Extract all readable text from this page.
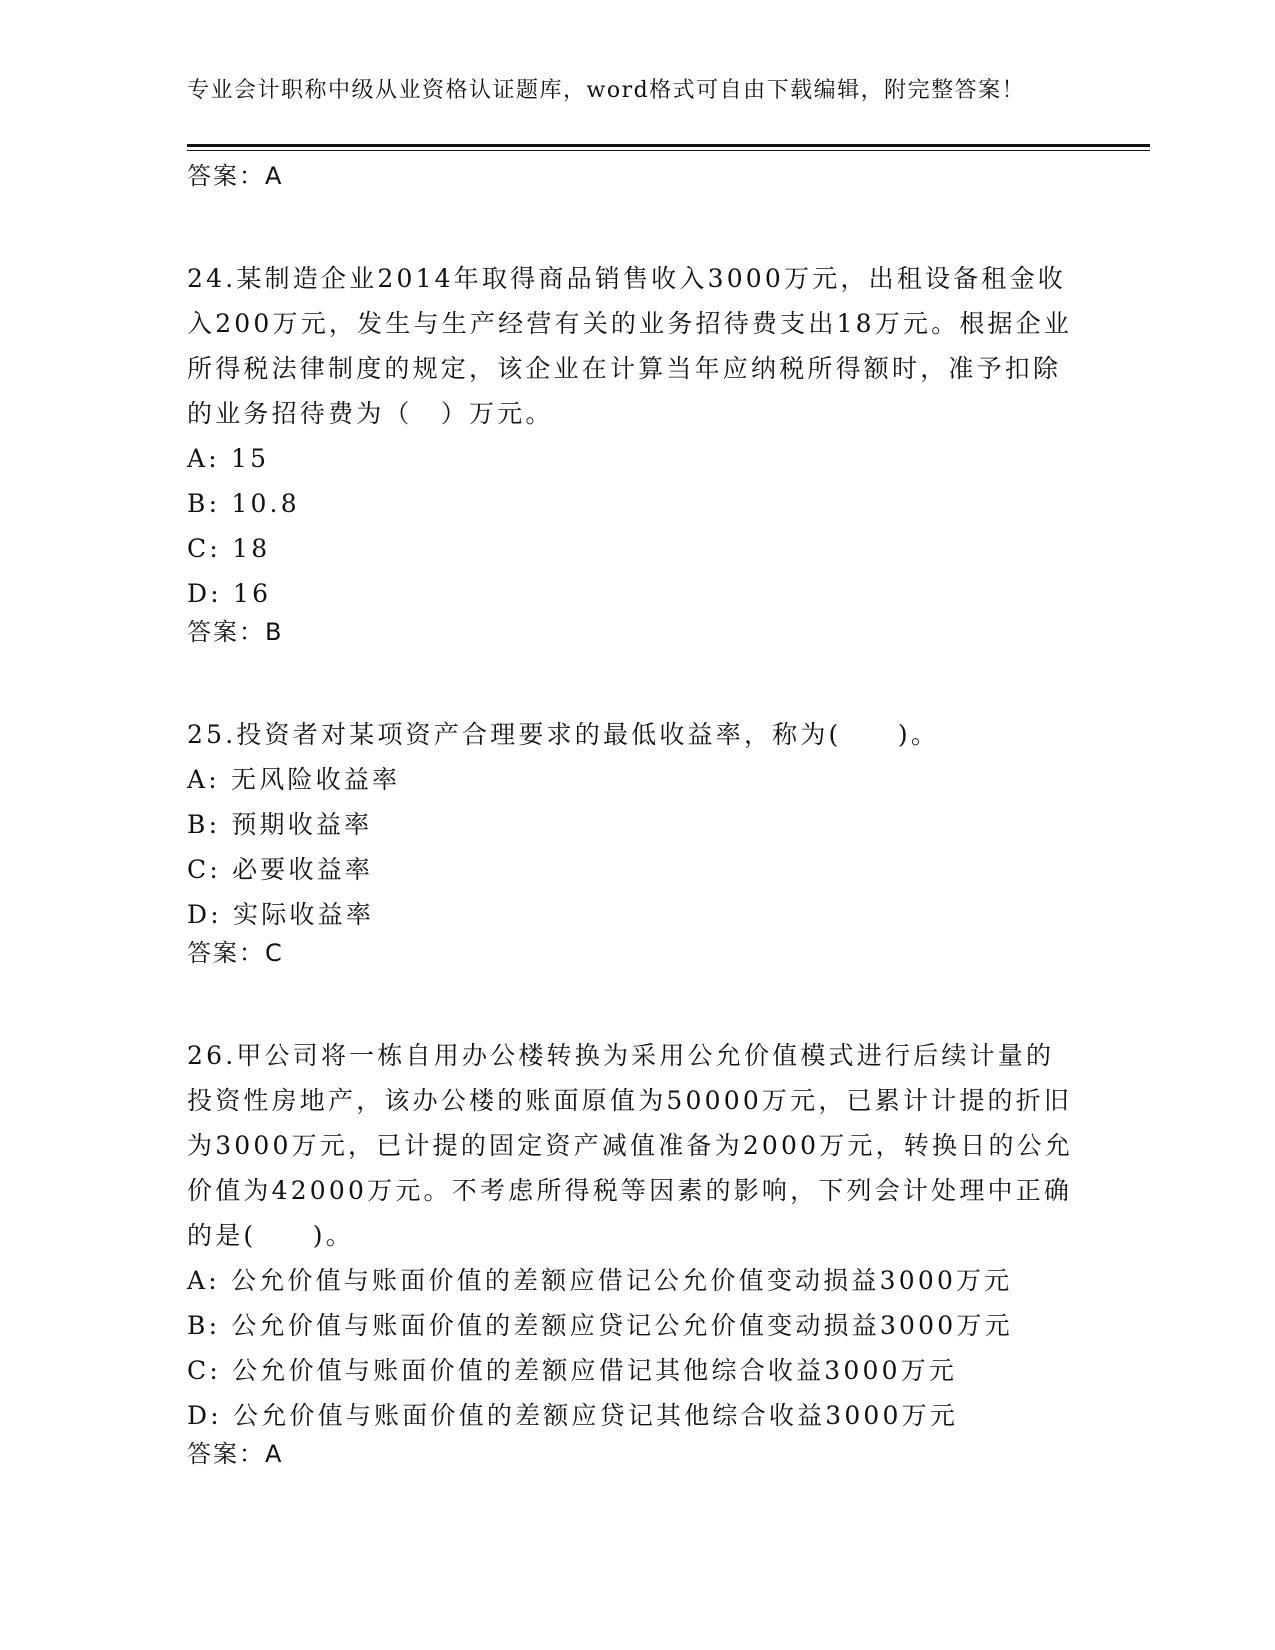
专业会计职称中级从业资格认证题库，word格式可自由下载编辑，附完整答案！
答案：A

24.某制造企业2014年取得商品销售收入3000万元，出租设备租金收入200万元，发生与生产经营有关的业务招待费支出18万元。根据企业所得税法律制度的规定，该企业在计算当年应纳税所得额时，准予扣除的业务招待费为（　）万元。

A: 15
B: 10.8
C: 18
D: 16
答案：B

25.投资者对某项资产合理要求的最低收益率，称为(　　)。

A: 无风险收益率
B: 预期收益率
C: 必要收益率
D: 实际收益率
答案：C

26.甲公司将一栋自用办公楼转换为采用公允价值模式进行后续计量的投资性房地产，该办公楼的账面原值为50000万元，已累计计提的折旧为3000万元，已计提的固定资产减值准备为2000万元，转换日的公允价值为42000万元。不考虑所得税等因素的影响，下列会计处理中正确的是(　　)。

A: 公允价值与账面价值的差额应借记公允价值变动损益3000万元
B: 公允价值与账面价值的差额应贷记公允价值变动损益3000万元
C: 公允价值与账面价值的差额应借记其他综合收益3000万元
D: 公允价值与账面价值的差额应贷记其他综合收益3000万元
答案：A
